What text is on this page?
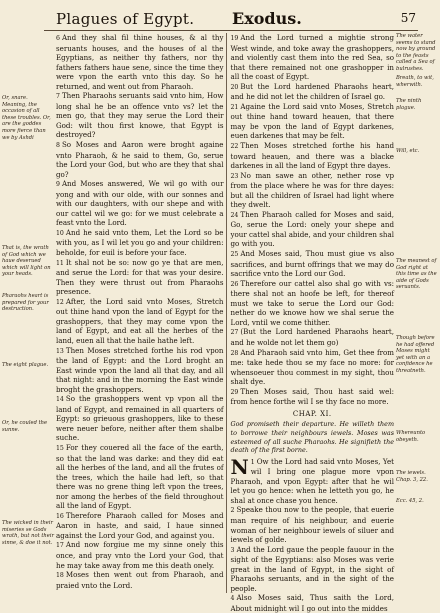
Plagues of Egypt. Exodus.	57
Or, snare. Meaning, the occasion of all these troubles. Or, are the goddes more fierce than we by Ashdi
That is, the wrath of God which we haue deserued which will light on your heads.
Pharaohs heart is prepared for your destruction.
The eight plague.
Or, he couled the sunne.
The wicked in their miseries se Gods wrath, but not their sinne, & doe it not.
6 And they shal fil thine houses, & al thy seruants houses, and the houses of al the Egyptians, as neither thy fathers, nor thy fathers fathers haue sene, since the time they were vpon the earth vnto this day. So he returned, and went out from Pharaoh.
7 Then Pharaohs seruants said vnto him, How long shal he be an offence vnto vs? let the men go, that they may serue the Lord their God: wilt thou first knowe, that Egypt is destroyed?
8 So Moses and Aaron were broght againe vnto Pharaoh, & he said to them, Go, serue the Lord your God, but who are they that shal go?
9 And Moses answered, We wil go with our yong and with our olde, with our sonnes and with our daughters, with our shepe and with our cattel wil we go: for we must celebrate a feast vnto the Lord.
10 And he said vnto them, Let the Lord so be with you, as I wil let you go and your children: beholde, for euil is before your face.
11 It shal not be so: now go ye that are men, and serue the Lord: for that was your desire. Then they were thrust out from Pharaohs presence.
12 After, the Lord said vnto Moses, Stretch out thine hand vpon the land of Egypt for the grashoppers, that they may come vpon the land of Egypt, and eat all the herbes of the land, euen all that the haile hathe left.
13 Then Moses stretched forthe his rod vpon the land of Egypt: and the Lord broght an East winde vpon the land all that day, and all that night: and in the morning the East winde broght the grashoppers.
14 So the grashoppers went vp vpon all the land of Egypt, and remained in all quarters of Egypt: so grieuous grashoppers, like to these were neuer before, neither after them shalbe suche.
15 For they couered all the face of the earth, so that the land was darke: and they did eat all the herbes of the land, and all the frutes of the trees, which the haile had left, so that there was no grene thing left vpon the trees, nor among the herbes of the field throughout all the land of Egypt.
16 Therefore Pharaoh called for Moses and Aaron in haste, and said, I haue sinned against the Lord your God, and against you.
17 And now forgiue me my sinne onely this once, and pray vnto the Lord your God, that he may take away from me this death onely.
18 Moses then went out from Pharaoh, and praied vnto the Lord.
19 And the Lord turned a mightie strong West winde, and toke away the grashoppers, and violently cast them into the red Sea, so that there remained not one grashopper in all the coast of Egypt.
20 But the Lord hardened Pharaohs heart, and he did not let the children of Israel go.
21 Againe the Lord said vnto Moses, Stretch out thine hand toward heauen, that there may be vpon the land of Egypt darkenes, euen darkenes that may be felt.
22 Then Moses stretched forthe his hand toward heauen, and there was a blacke darkenes in all the land of Egypt thre dayes.
23 No man sawe an other, nether rose vp from the place where he was for thre dayes: but all the children of Israel had light where they dwelt.
24 Then Pharaoh called for Moses and said, Go, serue the Lord: onely your shepe and your cattel shal abide, and your children shal go with you.
25 And Moses said, Thou must giue vs also sacrifices, and burnt offrings that we may do sacrifice vnto the Lord our God.
26 Therefore our cattel also shal go with vs: there shal not an hoofe be left, for thereof must we take to serue the Lord our God: nether do we knowe how we shal serue the Lord, vntil we come thither.
27 (But the Lord hardened Pharaohs heart, and he wolde not let them go)
28 And Pharaoh said vnto him, Get thee from me: take hede thou se my face no more: for whensoeuer thou commest in my sight, thou shalt dye.
29 Then Moses said, Thou hast said wel: from hence forthe wil I se thy face no more.
CHAP. XI.
God promiseth their departure. He willeth them to borrowe their neighbours iewels. Moses was esteemed of all suche Pharaohs. He signifieth the death of the first borne.
1
N Ow the Lord had said vnto Moses, Yet wil I bring one plague more vpon Pharaoh, and vpon Egypt: after that he wil let you go hence: when he letteth you go, he shal at once chase you hence.
2 Speake thou now to the people, that euerie man require of his neighbour, and euerie woman of her neighbour iewels of siluer and iewels of golde.
3 And the Lord gaue the people fauour in the sight of the Egyptians: also Moses was verie great in the land of Egypt, in the sight of Pharaohs seruants, and in the sight of the people.
4 Also Moses said, Thus saith the Lord, About midnight wil I go out into the middes
The water seems to stand now by ground to the feasts called a Sea of bulrushes.
Breath, to wit, wherwith.
The ninth plague.
Will, etc.
The meanest of God right at this time as the aide of Gods seruants.
Though before he had offered Moses might yet with an a confidence he threatneth.
Whereunto obeyeth.
The iewels. Chap. 3, 22.
Ecc. 45, 2.
